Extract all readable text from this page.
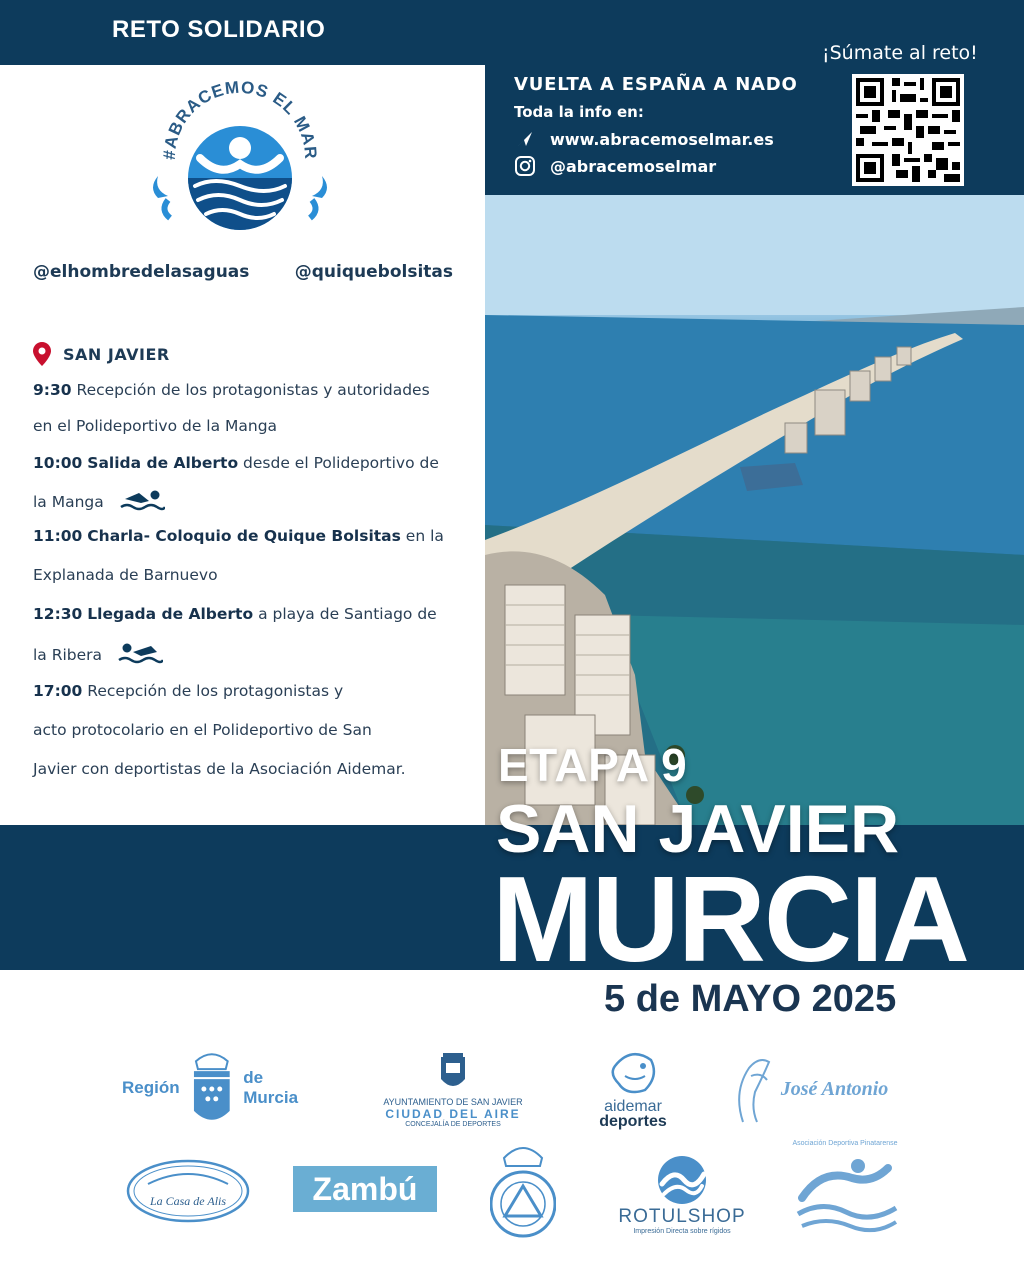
RETO SOLIDARIO
¡Súmate al reto!
VUELTA A ESPAÑA A NADO
Toda la info en:
www.abracemoselmar.es
@abracemoselmar
#ABRACEMOS EL MAR
@elhombredelasaguas	@quiquebolsitas
SAN JAVIER
9:30 Recepción de los protagonistas y autoridades
en el Polideportivo de la Manga
10:00 Salida de Alberto desde el Polideportivo de
la Manga
11:00 Charla- Coloquio de Quique Bolsitas en la
Explanada de Barnuevo
12:30 Llegada de Alberto a playa de Santiago de
la Ribera
17:00 Recepción de los protagonistas y
acto protocolario en el Polideportivo de San
Javier con deportistas de la Asociación Aidemar.	ETAPA 9
SAN JAVIER
MURCIA
5 de MAYO 2025
Región
de Murcia	AYUNTAMIENTO DE SAN JAVIER
CIUDAD DEL AIRE
CONCEJALÍA DE DEPORTES
aidemar
deportes
José Antonio
La Casa de Alis	Zambú
ROTULSHOP
Impresión Directa sobre rígidos
Asociación Deportiva Pinatarense
